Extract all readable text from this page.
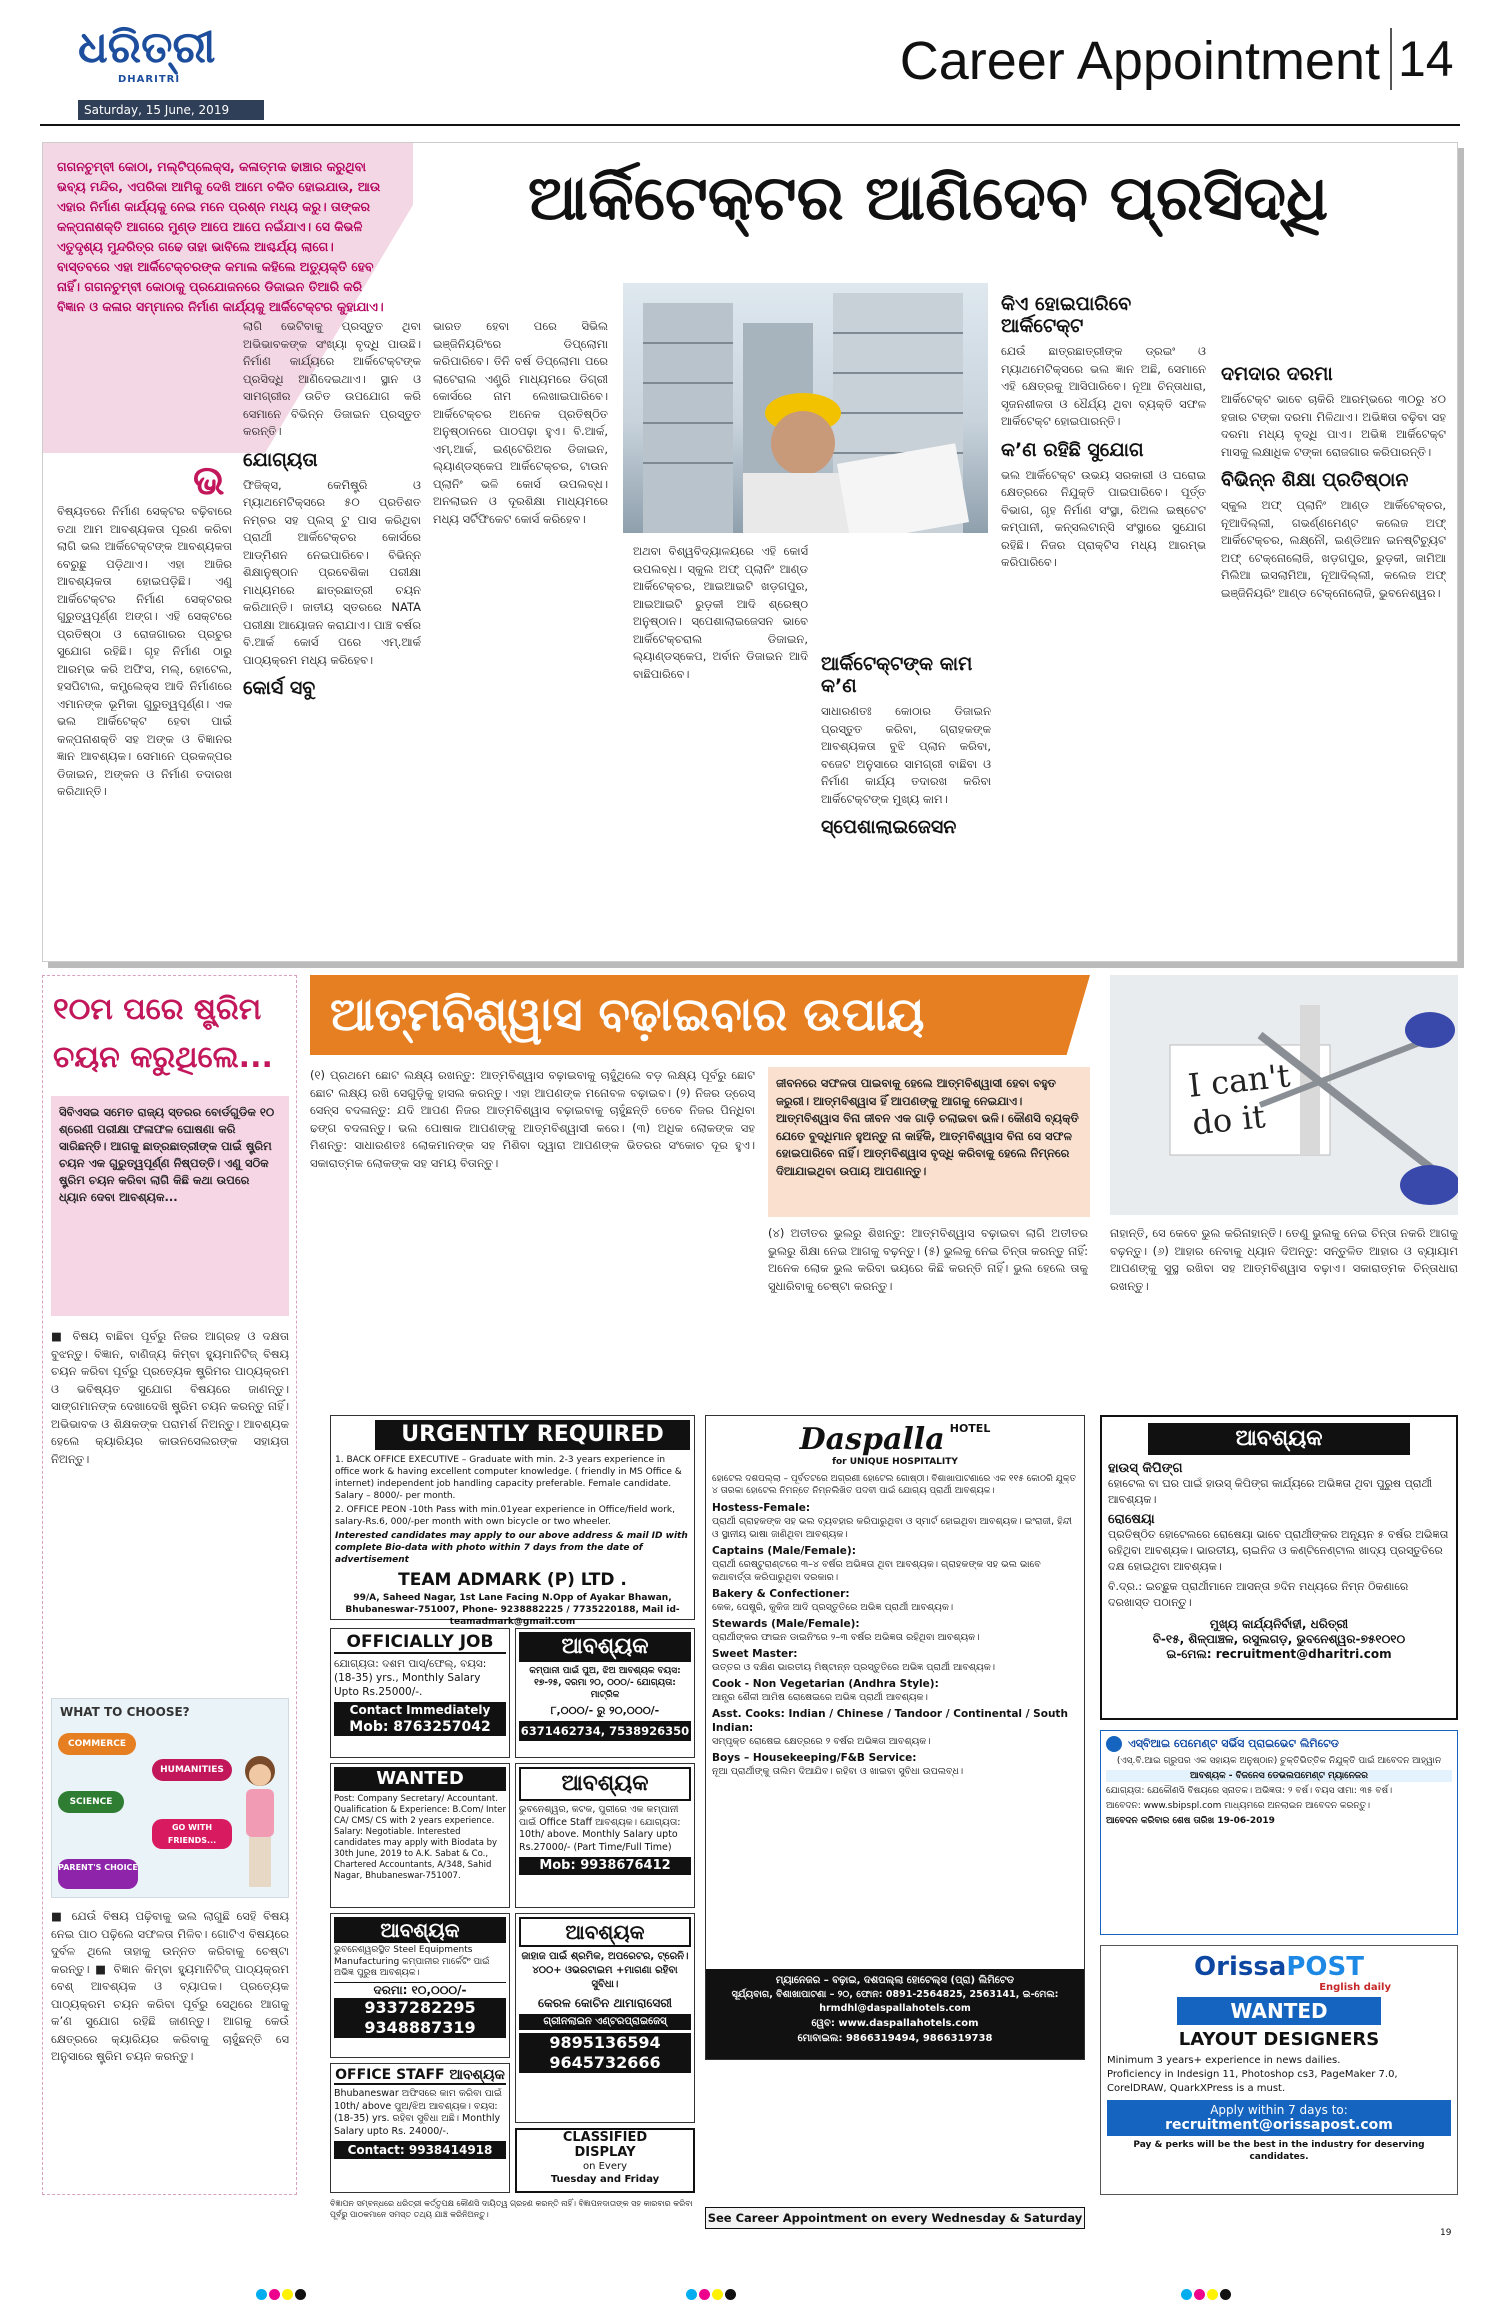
ଧରିତ୍ରୀ
DHARITRI
Saturday, 15 June, 2019
Career Appointment 14
ଗଗନଚୁମ୍ବୀ କୋଠା, ମଲ୍ଟିପ୍ଲେକ୍ସ, କଳାତ୍ମକ ଢାଞ୍ଚାର କରୁଥିବା ଭବ୍ୟ ମନ୍ଦିର, ଏପରିକା ଆମିକୁ ଦେଖି ଆମେ ଚକିତ ହୋଇଯାଉ, ଆଉ ଏହାର ନିର୍ମାଣ କାର୍ଯ୍ୟକୁ ନେଇ ମନେ ପ୍ରଶ୍ନ ମଧ୍ୟ କରୁ। ତାଙ୍କର କଳ୍ପନାଶକ୍ତି ଆଗରେ ମୁଣ୍ଡ ଆପେ ଆପେ ନଇଁଯାଏ। ସେ କିଭଳି ଏତୁଦୃଶ୍ୟ ମୁନ୍ଦରିତ୍ର ଗଢେ ତାହା ଭାବିଲେ ଆଶ୍ଚର୍ଯ୍ୟ ଲାଗେ। ବାସ୍ତବରେ ଏହା ଆର୍କିଟେକ୍ଚରଙ୍କ କମାଲ କହିଲେ ଅତ୍ୟୁକ୍ତି ହେବ ନାହିଁ। ଗଗନଚୁମ୍ବୀ କୋଠାକୁ ପ୍ରଯୋଜନରେ ଡିଜାଇନ ତିଆରି କରି ବିଜ୍ଞାନ ଓ କଳାର ସମ୍ମାନର ନିର୍ମାଣ କାର୍ଯ୍ୟକୁ ଆର୍କିଟେକ୍ଟର କୁହାଯାଏ।
ଆର୍କିଟେକ୍ଟର ଆଣିଦେବ ପ୍ରସିଦ୍ଧି
ଭ
ବିଷ୍ୟତରେ ନିର୍ମାଣ ସେକ୍ଟର ବଢ଼ିବାରେ ତଥା ଆମ ଆବଶ୍ୟକତା ପୂରଣ କରିବା ଲାଗି ଭଲ ଆର୍କିଟେକ୍ଟଙ୍କ ଆବଶ୍ୟକତା ବେରୁଛୁ ପଡ଼ିଥାଏ। ଏହା ଆଜିର ଆବଶ୍ୟକତା ହୋଇପଡ଼ିଛି। ଏଣୁ ଆର୍କିଟେକ୍ଟର ନିର୍ମାଣ ସେକ୍ଟରର ଗୁରୁତ୍ୱପୂର୍ଣ୍ଣ ଅଙ୍ଗ। ଏହି ସେକ୍ଟରେ ପ୍ରତିଷ୍ଠା ଓ ରୋଜଗାରର ପ୍ରଚୁର ସୁଯୋଗ ରହିଛି। ଗୃହ ନିର୍ମାଣ ଠାରୁ ଆରମ୍ଭ କରି ଅଫିସ, ମଲ୍, ହୋଟେଲ, ହସପିଟାଲ, କମ୍ପ୍ଲେକ୍ସ ଆଦି ନିର୍ମାଣରେ ଏମାନଙ୍କ ଭୂମିକା ଗୁରୁତ୍ୱପୂର୍ଣ୍ଣ। ଏକ ଭଲ ଆର୍କିଟେକ୍ଟ ହେବା ପାଇଁ କଳ୍ପନାଶକ୍ତି ସହ ଅଙ୍କ ଓ ବିଜ୍ଞାନର ଜ୍ଞାନ ଆବଶ୍ୟକ। ସେମାନେ ପ୍ରକଳ୍ପର ଡିଜାଇନ, ଅଙ୍କନ ଓ ନିର୍ମାଣ ତଦାରଖ କରିଥାନ୍ତି।
ଲାଗି ଭେଟିବାକୁ ପ୍ରସ୍ତୁତ ଥିବା ଅଭିଭାବକଙ୍କ ସଂଖ୍ୟା ବୃଦ୍ଧି ପାଉଛି। ନିର୍ମାଣ କାର୍ଯ୍ୟରେ ଆର୍କିଟେକ୍ଟଙ୍କ ପ୍ରସିଦ୍ଧି ଆଣିଦେଇଥାଏ। ସ୍ଥାନ ଓ ସାମଗ୍ରୀର ଉଚିତ ଉପଯୋଗ କରି ସେମାନେ ବିଭିନ୍ନ ଡିଜାଇନ ପ୍ରସ୍ତୁତ କରନ୍ତି।
ଯୋଗ୍ୟତା
ଫିଜିକ୍ସ, କେମିଷ୍ଟ୍ରି ଓ ମ୍ୟାଥମେଟିକ୍ସରେ ୫୦ ପ୍ରତିଶତ ନମ୍ବର ସହ ପ୍ଲସ୍ ଟୁ ପାସ କରିଥିବା ପ୍ରାର୍ଥୀ ଆର୍କିଟେକ୍ଚର କୋର୍ସରେ ଆଡ୍ମିଶନ ନେଇପାରିବେ। ବିଭିନ୍ନ ଶିକ୍ଷାନୁଷ୍ଠାନ ପ୍ରବେଶିକା ପରୀକ୍ଷା ମାଧ୍ୟମରେ ଛାତ୍ରଛାତ୍ରୀ ଚୟନ କରିଥାନ୍ତି। ଜାତୀୟ ସ୍ତରରେ NATA ପରୀକ୍ଷା ଆୟୋଜନ କରାଯାଏ। ପାଞ୍ଚ ବର୍ଷର ବି.ଆର୍କ କୋର୍ସ ପରେ ଏମ୍.ଆର୍କ ପାଠ୍ୟକ୍ରମ ମଧ୍ୟ କରିହେବ।
କୋର୍ସ ସବୁ
ଭାରତ ହେବା ପରେ ସିଭିଲ ଇଞ୍ଜିନିୟରିଂରେ ଡିପ୍ଲୋମା କରିପାରିବେ। ତିନି ବର୍ଷ ଡିପ୍ଲୋମା ପରେ ଲାଟେରାଲ ଏଣ୍ଟ୍ରି ମାଧ୍ୟମରେ ଡିଗ୍ରୀ କୋର୍ସରେ ନାମ ଲେଖାଇପାରିବେ। ଆର୍କିଟେକ୍ଚର ଅନେକ ପ୍ରତିଷ୍ଠିତ ଅନୁଷ୍ଠାନରେ ପାଠପଢ଼ା ହୁଏ। ବି.ଆର୍କ, ଏମ୍.ଆର୍କ, ଇଣ୍ଟେରିଅର ଡିଜାଇନ, ଲ୍ୟାଣ୍ଡସ୍କେପ ଆର୍କିଟେକ୍ଚର, ଟାଉନ ପ୍ଲାନିଂ ଭଳି କୋର୍ସ ଉପଲବ୍ଧ। ଅନଲାଇନ ଓ ଦୂରଶିକ୍ଷା ମାଧ୍ୟମରେ ମଧ୍ୟ ସର୍ଟିଫିକେଟ କୋର୍ସ କରିହେବ।
ଅଥବା ବିଶ୍ୱବିଦ୍ୟାଳୟରେ ଏହି କୋର୍ସ ଉପଲବ୍ଧ। ସ୍କୁଲ ଅଫ୍ ପ୍ଲାନିଂ ଆଣ୍ଡ ଆର୍କିଟେକ୍ଚର, ଆଇଆଇଟି ଖଡ଼ଗପୁର, ଆଇଆଇଟି ରୁଡ଼କୀ ଆଦି ଶ୍ରେଷ୍ଠ ଅନୁଷ୍ଠାନ। ସ୍ପେଶାଲାଇଜେସନ ଭାବେ ଆର୍କିଟେକ୍ଚରାଲ ଡିଜାଇନ, ଲ୍ୟାଣ୍ଡସ୍କେପ, ଅର୍ବାନ ଡିଜାଇନ ଆଦି ବାଛିପାରିବେ।	ଆର୍କିଟେକ୍ଟଙ୍କ କାମ କ’ଣ
ସାଧାରଣତଃ କୋଠାର ଡିଜାଇନ ପ୍ରସ୍ତୁତ କରିବା, ଗ୍ରାହକଙ୍କ ଆବଶ୍ୟକତା ବୁଝି ପ୍ଲାନ କରିବା, ବଜେଟ ଅନୁସାରେ ସାମଗ୍ରୀ ବାଛିବା ଓ ନିର୍ମାଣ କାର୍ଯ୍ୟ ତଦାରଖ କରିବା ଆର୍କିଟେକ୍ଟଙ୍କ ମୁଖ୍ୟ କାମ।
ସ୍ପେଶାଲାଇଜେସନ
କିଏ ହୋଇପାରିବେ ଆର୍କିଟେକ୍ଟ
ଯେଉଁ ଛାତ୍ରଛାତ୍ରୀଙ୍କ ଡ୍ରଇଂ ଓ ମ୍ୟାଥମେଟିକ୍ସରେ ଭଲ ଜ୍ଞାନ ଅଛି, ସେମାନେ ଏହି କ୍ଷେତ୍ରକୁ ଆସିପାରିବେ। ନୂଆ ଚିନ୍ତାଧାରା, ସୃଜନଶୀଳତା ଓ ଧୈର୍ଯ୍ୟ ଥିବା ବ୍ୟକ୍ତି ସଫଳ ଆର୍କିଟେକ୍ଟ ହୋଇପାରନ୍ତି।
କ’ଣ ରହିଛି ସୁଯୋଗ
ଭଲ ଆର୍କିଟେକ୍ଟ ଉଭୟ ସରକାରୀ ଓ ଘରୋଇ କ୍ଷେତ୍ରରେ ନିଯୁକ୍ତି ପାଇପାରିବେ। ପୂର୍ତ୍ତ ବିଭାଗ, ଗୃହ ନିର୍ମାଣ ସଂସ୍ଥା, ରିଅଲ ଇଷ୍ଟେଟ କମ୍ପାନୀ, କନ୍ସଲଟାନ୍ସି ସଂସ୍ଥାରେ ସୁଯୋଗ ରହିଛି। ନିଜର ପ୍ରାକ୍ଟିସ ମଧ୍ୟ ଆରମ୍ଭ କରିପାରିବେ।
ଦମଦାର ଦରମା
ଆର୍କିଟେକ୍ଟ ଭାବେ ଚାକିରି ଆରମ୍ଭରେ ୩୦ରୁ ୪୦ ହଜାର ଟଙ୍କା ଦରମା ମିଳିଥାଏ। ଅଭିଜ୍ଞତା ବଢ଼ିବା ସହ ଦରମା ମଧ୍ୟ ବୃଦ୍ଧି ପାଏ। ଅଭିଜ୍ଞ ଆର୍କିଟେକ୍ଟ ମାସକୁ ଲକ୍ଷାଧିକ ଟଙ୍କା ରୋଜଗାର କରିପାରନ୍ତି।
ବିଭିନ୍ନ ଶିକ୍ଷା ପ୍ରତିଷ୍ଠାନ
ସ୍କୁଲ ଅଫ୍ ପ୍ଲାନିଂ ଆଣ୍ଡ ଆର୍କିଟେକ୍ଚର, ନୂଆଦିଲ୍ଲୀ, ଗଭର୍ଣ୍ଣମେଣ୍ଟ କଲେଜ ଅଫ୍ ଆର୍କିଟେକ୍ଚର, ଲକ୍ଷ୍ନୌ, ଇଣ୍ଡିଆନ ଇନଷ୍ଟିଚ୍ୟୁଟ ଅଫ୍ ଟେକ୍ନୋଲୋଜି, ଖଡ଼ଗପୁର, ରୁଡ଼କୀ, ଜାମିଆ ମିଲିଆ ଇସଲାମିଆ, ନୂଆଦିଲ୍ଲୀ, କଲେଜ ଅଫ୍ ଇଞ୍ଜିନିୟରିଂ ଆଣ୍ଡ ଟେକ୍ନୋଲୋଜି, ଭୁବନେଶ୍ୱର।
୧୦ମ ପରେ ଷ୍ଟ୍ରିମ ଚୟନ କରୁଥିଲେ...
ସିବିଏସଇ ସମେତ ରାଜ୍ୟ ସ୍ତରର ବୋର୍ଡଗୁଡିକ ୧୦ ଶ୍ରେଣୀ ପରୀକ୍ଷା ଫଳାଫଳ ଘୋଷଣା କରି ସାରିଛନ୍ତି। ଆଗକୁ ଛାତ୍ରଛାତ୍ରୀଙ୍କ ପାଇଁ ଷ୍ଟ୍ରିମ ଚୟନ ଏକ ଗୁରୁତ୍ୱପୂର୍ଣ୍ଣ ନିଷ୍ପତ୍ତି। ଏଣୁ ସଠିକ ଷ୍ଟ୍ରିମ ଚୟନ କରିବା ଲାଗି କିଛି କଥା ଉପରେ ଧ୍ୟାନ ଦେବା ଆବଶ୍ୟକ...
■ ବିଷୟ ବାଛିବା ପୂର୍ବରୁ ନିଜର ଆଗ୍ରହ ଓ ଦକ୍ଷତା ବୁଝନ୍ତୁ। ବିଜ୍ଞାନ, ବାଣିଜ୍ୟ କିମ୍ବା ହ୍ୟୁମାନିଟିଜ୍ ବିଷୟ ଚୟନ କରିବା ପୂର୍ବରୁ ପ୍ରତ୍ୟେକ ଷ୍ଟ୍ରିମର ପାଠ୍ୟକ୍ରମ ଓ ଭବିଷ୍ୟତ ସୁଯୋଗ ବିଷୟରେ ଜାଣନ୍ତୁ। ସାଙ୍ଗମାନଙ୍କ ଦେଖାଦେଖି ଷ୍ଟ୍ରିମ ଚୟନ କରନ୍ତୁ ନାହିଁ। ଅଭିଭାବକ ଓ ଶିକ୍ଷକଙ୍କ ପରାମର୍ଶ ନିଅନ୍ତୁ। ଆବଶ୍ୟକ ହେଲେ କ୍ୟାରିୟର କାଉନସେଲରଙ୍କ ସହାୟତା ନିଅନ୍ତୁ।
WHAT TO CHOOSE?
COMMERCE
HUMANITIES
SCIENCE
GO WITH FRIENDS...
PARENT'S CHOICE
■ ଯେଉଁ ବିଷୟ ପଢ଼ିବାକୁ ଭଲ ଲାଗୁଛି ସେହି ବିଷୟ ନେଇ ପାଠ ପଢ଼ିଲେ ସଫଳତା ମିଳିବ। ଗୋଟିଏ ବିଷୟରେ ଦୁର୍ବଳ ଥିଲେ ତାହାକୁ ଉନ୍ନତ କରିବାକୁ ଚେଷ୍ଟା କରନ୍ତୁ। ■ ବିଜ୍ଞାନ କିମ୍ବା ହ୍ୟୁମାନିଟିଜ୍ ପାଠ୍ୟକ୍ରମ ବେଶ୍ ଆବଶ୍ୟକ ଓ ବ୍ୟାପକ। ପ୍ରତ୍ୟେକ ପାଠ୍ୟକ୍ରମ ଚୟନ କରିବା ପୂର୍ବରୁ ସେଥିରେ ଆଗକୁ କ’ଣ ସୁଯୋଗ ରହିଛି ଜାଣନ୍ତୁ। ଆଗକୁ କେଉଁ କ୍ଷେତ୍ରରେ କ୍ୟାରିୟର କରିବାକୁ ଚାହୁଁଛନ୍ତି ସେ ଅନୁସାରେ ଷ୍ଟ୍ରିମ ଚୟନ କରନ୍ତୁ।
ଆତ୍ମବିଶ୍ୱାସ ବଢ଼ାଇବାର ଉପାୟ
(୧) ପ୍ରଥମେ ଛୋଟ ଲକ୍ଷ୍ୟ ରଖନ୍ତୁ: ଆତ୍ମବିଶ୍ୱାସ ବଢ଼ାଇବାକୁ ଚାହୁଁଥିଲେ ବଡ଼ ଲକ୍ଷ୍ୟ ପୂର୍ବରୁ ଛୋଟ ଛୋଟ ଲକ୍ଷ୍ୟ ରଖି ସେଗୁଡ଼ିକୁ ହାସଲ କରନ୍ତୁ। ଏହା ଆପଣଙ୍କ ମନୋବଳ ବଢ଼ାଇବ। (୨) ନିଜର ଡ୍ରେସ୍ ସେନ୍ସ ବଦଳାନ୍ତୁ: ଯଦି ଆପଣ ନିଜର ଆତ୍ମବିଶ୍ୱାସ ବଢ଼ାଇବାକୁ ଚାହୁଁଛନ୍ତି ତେବେ ନିଜର ପିନ୍ଧିବା ଢଙ୍ଗ ବଦଳାନ୍ତୁ। ଭଲ ପୋଷାକ ଆପଣଙ୍କୁ ଆତ୍ମବିଶ୍ୱାସୀ କରେ। (୩) ଅଧିକ ଲୋକଙ୍କ ସହ ମିଶନ୍ତୁ: ସାଧାରଣତଃ ଲୋକମାନଙ୍କ ସହ ମିଶିବା ଦ୍ୱାରା ଆପଣଙ୍କ ଭିତରର ସଂକୋଚ ଦୂର ହୁଏ। ସକାରାତ୍ମକ ଲୋକଙ୍କ ସହ ସମୟ ବିତାନ୍ତୁ।
ଜୀବନରେ ସଫଳତା ପାଇବାକୁ ହେଲେ ଆତ୍ମବିଶ୍ୱାସୀ ହେବା ବହୁତ ଜରୁରୀ। ଆତ୍ମବିଶ୍ୱାସ ହିଁ ଆପଣଙ୍କୁ ଆଗକୁ ନେଇଯାଏ। ଆତ୍ମବିଶ୍ୱାସ ବିନା ଜୀବନ ଏକ ଗାଡ଼ି ଚଲାଇବା ଭଳି। କୌଣସି ବ୍ୟକ୍ତି ଯେତେ ବୁଦ୍ଧିମାନ ହୁଅନ୍ତୁ ନା କାହିଁକି, ଆତ୍ମବିଶ୍ୱାସ ବିନା ସେ ସଫଳ ହୋଇପାରିବେ ନାହିଁ। ଆତ୍ମବିଶ୍ୱାସ ବୃଦ୍ଧି କରିବାକୁ ହେଲେ ନିମ୍ନରେ ଦିଆଯାଇଥିବା ଉପାୟ ଆପଣାନ୍ତୁ।
I can't do it
(୪) ଅତୀତର ଭୁଲରୁ ଶିଖନ୍ତୁ: ଆତ୍ମବିଶ୍ୱାସ ବଢ଼ାଇବା ଲାଗି ଅତୀତର ଭୁଲରୁ ଶିକ୍ଷା ନେଇ ଆଗକୁ ବଢ଼ନ୍ତୁ। (୫) ଭୁଲକୁ ନେଇ ଚିନ୍ତା କରନ୍ତୁ ନାହିଁ: ଅନେକ ଲୋକ ଭୁଲ କରିବା ଭୟରେ କିଛି କରନ୍ତି ନାହିଁ। ଭୁଲ ହେଲେ ତାକୁ ସୁଧାରିବାକୁ ଚେଷ୍ଟା କରନ୍ତୁ।
ନାହାନ୍ତି, ସେ କେବେ ଭୁଲ କରିନାହାନ୍ତି। ତେଣୁ ଭୁଲକୁ ନେଇ ଚିନ୍ତା ନକରି ଆଗକୁ ବଢ଼ନ୍ତୁ। (୬) ଆହାର ନେବାକୁ ଧ୍ୟାନ ଦିଅନ୍ତୁ: ସନ୍ତୁଳିତ ଆହାର ଓ ବ୍ୟାୟାମ ଆପଣଙ୍କୁ ସୁସ୍ଥ ରଖିବା ସହ ଆତ୍ମବିଶ୍ୱାସ ବଢ଼ାଏ। ସକାରାତ୍ମକ ଚିନ୍ତାଧାରା ରଖନ୍ତୁ।
URGENTLY REQUIRED
1. BACK OFFICE EXECUTIVE – Graduate with min. 2-3 years experience in office work & having excellent computer knowledge. ( friendly in MS Office & internet) independent job handling capacity preferable. Female candidate. Salary – 8000/- per month.
2. OFFICE PEON -10th Pass with min.01year experience in Office/field work, salary-Rs.6, 000/-per month with own bicycle or two wheeler.
Interested candidates may apply to our above address & mail ID with complete Bio-data with photo within 7 days from the date of advertisement
TEAM ADMARK (P) LTD .
99/A, Saheed Nagar, 1st Lane Facing N.Opp of Ayakar Bhawan, Bhubaneswar-751007, Phone- 9238882225 / 7735220188, Mail id- teamadmark@gmail.com
OFFICIALLY JOB
ଯୋଗ୍ୟତା: ଦଶମ ପାସ୍/ଫେଲ୍, ବୟସ: (18-35) yrs., Monthly Salary Upto Rs.25000/-.
Contact Immediately
Mob: 8763257042
ଆବଶ୍ୟକ
କମ୍ପାନୀ ପାଇଁ ପୁଅ, ଝିଅ ଆବଶ୍ୟକ ବୟସ: ୧୭-୨୫, ଦରମା ୨୦, ୦୦୦/- ଯୋଗ୍ୟତା: ମାଟ୍ରିକ
୮,୦୦୦/- ରୁ ୨୦,୦୦୦/-
6371462734, 7538926350
WANTED
Post: Company Secretary/ Accountant. Qualification & Experience: B.Com/ Inter CA/ CMS/ CS with 2 years experience. Salary: Negotiable. Interested candidates may apply with Biodata by 30th June, 2019 to A.K. Sabat & Co., Chartered Accountants, A/348, Sahid Nagar, Bhubaneswar-751007.
ଆବଶ୍ୟକ
ଭୁବନେଶ୍ୱର, କଟକ, ପୁରୀରେ ଏକ କମ୍ପାନୀ ପାଇଁ Office Staff ଆବଶ୍ୟକ। ଯୋଗ୍ୟତା: 10th/ above. Monthly Salary upto Rs.27000/- (Part Time/Full Time)
Mob: 9938676412
ଆବଶ୍ୟକ
ଭୁବନେଶ୍ୱରସ୍ଥିତ Steel Equipments Manufacturing କମ୍ପାନୀର ମାର୍କେଟିଂ ପାଇଁ ଅଭିଜ୍ଞ ପୁରୁଷ ଆବଶ୍ୟକ।
ଦରମା: ୧୦,୦୦୦/-
9337282295
9348887319
ଆବଶ୍ୟକ
ଜାହାଜ ପାଇଁ ଶ୍ରମିକ, ଅପରେଟର, ଟ୍ରେନି। ୪୦୦+ ଓଭରଟାଇମ +ମାଗଣା ରହିବା ସୁବିଧା।
କେରଳ କୋଚିନ ଥାମାରାସେରୀ
ଗ୍ରୀନଲାଇନ ଏଣ୍ଟରପ୍ରାଇଜେସ୍
9895136594
9645732666
OFFICE STAFF ଆବଶ୍ୟକ
Bhubaneswar ଅଫିସରେ କାମ କରିବା ପାଇଁ 10th/ above ପୁଅ/ଝିଅ ଆବଶ୍ୟକ। ବୟସ: (18-35) yrs. ରହିବା ସୁବିଧା ଅଛି। Monthly Salary upto Rs. 24000/-.
Contact: 9938414918
CLASSIFIED
DISPLAY
on Every
Tuesday and Friday
Daspalla $^{HOTEL}$
for UNIQUE HOSPITALITY
ହୋଟେଲ ଦଶପଲ୍ଲା – ପୂର୍ବତଟରେ ଅଗ୍ରଣୀ ହୋଟେଲ ଗୋଷ୍ଠୀ। ବିଶାଖାପାଟଣାରେ ଏକ ୧୧୫ କୋଠରି ଯୁକ୍ତ ୪ ତାରକା ହୋଟେଲ ନିମନ୍ତେ ନିମ୍ନଲିଖିତ ପଦବୀ ପାଇଁ ଯୋଗ୍ୟ ପ୍ରାର୍ଥୀ ଆବଶ୍ୟକ।
Hostess-Female:
ପ୍ରାର୍ଥୀ ଗ୍ରାହକଙ୍କ ସହ ଭଲ ବ୍ୟବହାର କରିପାରୁଥିବା ଓ ସ୍ମାର୍ଟ ହୋଇଥିବା ଆବଶ୍ୟକ। ଇଂରାଜୀ, ହିନ୍ଦୀ ଓ ସ୍ଥାନୀୟ ଭାଷା ଜାଣିଥିବା ଆବଶ୍ୟକ।
Captains (Male/Female):
ପ୍ରାର୍ଥୀ ରେଷ୍ଟୁରାଣ୍ଟରେ ୩–୪ ବର୍ଷର ଅଭିଜ୍ଞତା ଥିବା ଆବଶ୍ୟକ। ଗ୍ରାହକଙ୍କ ସହ ଭଲ ଭାବେ କଥାବାର୍ତ୍ତା କରିପାରୁଥିବା ଦରକାର।
Bakery & Confectioner:
କେକ, ପେଷ୍ଟ୍ରି, କୁକିଜ ଆଦି ପ୍ରସ୍ତୁତିରେ ଅଭିଜ୍ଞ ପ୍ରାର୍ଥୀ ଆବଶ୍ୟକ।
Stewards (Male/Female):
ପ୍ରାର୍ଥୀଙ୍କର ଫାଇନ ଡାଇନିଂରେ ୨–୩ ବର୍ଷର ଅଭିଜ୍ଞତା ରହିଥିବା ଆବଶ୍ୟକ।
Sweet Master:
ଉତ୍ତର ଓ ଦକ୍ଷିଣ ଭାରତୀୟ ମିଷ୍ଟାନ୍ନ ପ୍ରସ୍ତୁତିରେ ଅଭିଜ୍ଞ ପ୍ରାର୍ଥୀ ଆବଶ୍ୟକ।
Cook - Non Vegetarian (Andhra Style):
ଆନ୍ଧ୍ର ଶୈଳୀ ଆମିଷ ରୋଷେଇରେ ଅଭିଜ୍ଞ ପ୍ରାର୍ଥୀ ଆବଶ୍ୟକ।
Asst. Cooks: Indian / Chinese / Tandoor / Continental / South Indian:
ସମ୍ପୃକ୍ତ ରୋଷେଇ କ୍ଷେତ୍ରରେ ୨ ବର୍ଷର ଅଭିଜ୍ଞତା ଆବଶ୍ୟକ।
Boys – Housekeeping/F&B Service:
ନୂଆ ପ୍ରାର୍ଥୀଙ୍କୁ ତାଲିମ ଦିଆଯିବ। ରହିବା ଓ ଖାଇବା ସୁବିଧା ଉପଲବ୍ଧ।
ମ୍ୟାନେଜର – ବଢ଼ାଇ, ଦଶପଲ୍ଲା ହୋଟେଲ୍ସ (ପ୍ରା) ଲିମିଟେଡ
ସୂର୍ଯ୍ୟବାଗ, ବିଶାଖାପାଟଣା – ୨୦, ଫୋନ: 0891-2564825, 2563141, ଇ-ମେଲ: hrmdhl@daspallahotels.com
ୱେବ: www.daspallahotels.com
ମୋବାଇଲ: 9866319494, 9866319738
ଆବଶ୍ୟକ
ହାଉସ୍ କିପିଙ୍ଗ
ହୋଟେଲ ବା ଘର ପାଇଁ ହାଉସ୍ କିପିଙ୍ଗ କାର୍ଯ୍ୟରେ ଅଭିଜ୍ଞତା ଥିବା ପୁରୁଷ ପ୍ରାର୍ଥୀ ଆବଶ୍ୟକ।
ରୋଷେୟା
ପ୍ରତିଷ୍ଠିତ ହୋଟେଲରେ ରୋଷେୟା ଭାବେ ପ୍ରାର୍ଥୀଙ୍କର ଅନ୍ୟୂନ ୫ ବର୍ଷର ଅଭିଜ୍ଞତା ରହିଥିବା ଆବଶ୍ୟକ। ଭାରତୀୟ, ଚାଇନିଜ ଓ କଣ୍ଟିନେଣ୍ଟାଲ ଖାଦ୍ୟ ପ୍ରସ୍ତୁତିରେ ଦକ୍ଷ ହୋଇଥିବା ଆବଶ୍ୟକ।
ବି.ଦ୍ର.: ଇଚ୍ଛୁକ ପ୍ରାର୍ଥୀମାନେ ଆସନ୍ତା ୭ଦିନ ମଧ୍ୟରେ ନିମ୍ନ ଠିକଣାରେ ଦରଖାସ୍ତ ପଠାନ୍ତୁ।
ମୁଖ୍ୟ କାର୍ଯ୍ୟନିର୍ବାହୀ, ଧରିତ୍ରୀ
ବି-୧୫, ଶିଳ୍ପାଞ୍ଚଳ, ରସୁଲଗଡ଼, ଭୁବନେଶ୍ୱର-୭୫୧୦୧୦
ଇ-ମେଲ: recruitment@dharitri.com
ଏସ୍‌ବିଆଇ ପେମେଣ୍ଟ ସର୍ଭିସ ପ୍ରାଇଭେଟ ଲିମିଟେଡ
(ଏସ୍.ବି.ଆଇ ଗ୍ରୁପର ଏକ ସହାୟକ ଅନୁଷ୍ଠାନ) ଚୁକ୍ତିଭିତ୍ତିକ ନିଯୁକ୍ତି ପାଇଁ ଆବେଦନ ଆହ୍ୱାନ
ଆବଶ୍ୟକ - ବିଜନେସ ଡେଭଲପମେଣ୍ଟ ମ୍ୟାନେଜର
ଯୋଗ୍ୟତା: ଯେକୌଣସି ବିଷୟରେ ସ୍ନାତକ। ଅଭିଜ୍ଞତା: ୨ ବର୍ଷ। ବୟସ ସୀମା: ୩୫ ବର୍ଷ।
ଆବେଦନ: www.sbipspl.com ମାଧ୍ୟମରେ ଅନଲାଇନ ଆବେଦନ କରନ୍ତୁ।
ଆବେଦନ କରିବାର ଶେଷ ତାରିଖ 19-06-2019
OrissaPOST
English daily
WANTED
LAYOUT DESIGNERS
Minimum 3 years+ experience in news dailies.
Proficiency in Indesign 11, Photoshop cs3, PageMaker 7.0, CorelDRAW, QuarkXPress is a must.
Apply within 7 days to:
recruitment@orissapost.com
Pay & perks will be the best in the industry for deserving candidates.
ବିଜ୍ଞାପନ ସମ୍ବନ୍ଧରେ ଧରିତ୍ରୀ କର୍ତ୍ତୃପକ୍ଷ କୌଣସି ଦାୟିତ୍ୱ ଗ୍ରହଣ କରନ୍ତି ନାହିଁ। ବିଜ୍ଞାପନଦାତାଙ୍କ ସହ କାରବାର କରିବା ପୂର୍ବରୁ ପାଠକମାନେ ସମସ୍ତ ତଥ୍ୟ ଯାଞ୍ଚ କରିନିଅନ୍ତୁ।	See Career Appointment on every Wednesday & Saturday
19
